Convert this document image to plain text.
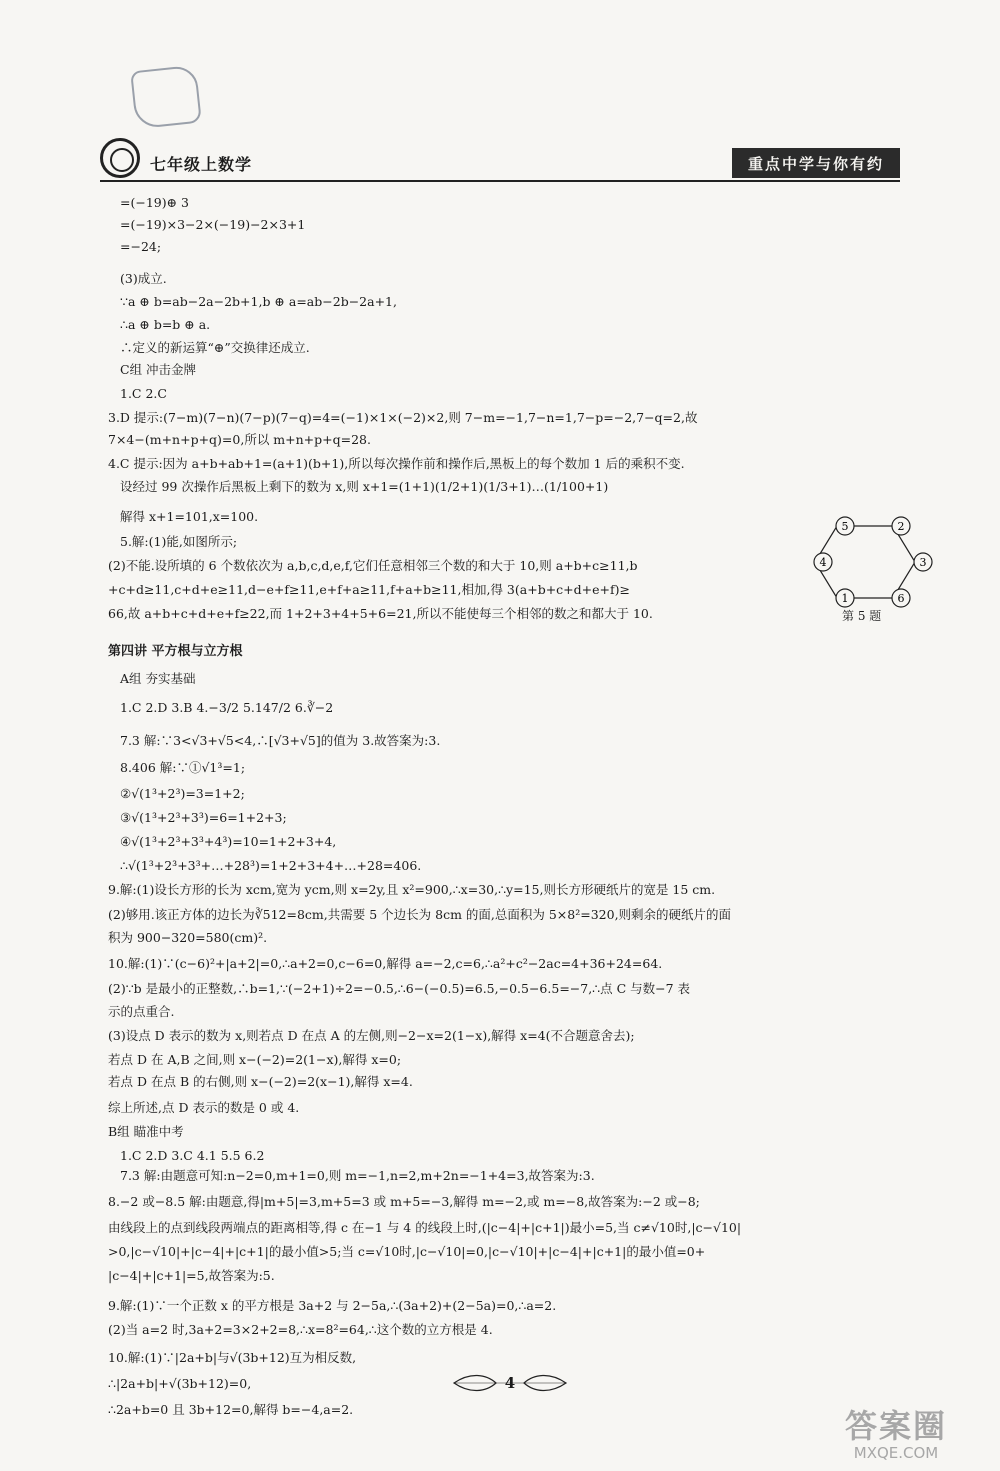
七年级上数学	重点中学与你有约
=(−19)⊕ 3
=(−19)×3−2×(−19)−2×3+1
=−24;
(3)成立.
∵a ⊕ b=ab−2a−2b+1,b ⊕ a=ab−2b−2a+1,
∴a ⊕ b=b ⊕ a.
∴定义的新运算“⊕”交换律还成立.
C组 冲击金牌
1.C 2.C
3.D 提示:(7−m)(7−n)(7−p)(7−q)=4=(−1)×1×(−2)×2,则 7−m=−1,7−n=1,7−p=−2,7−q=2,故
7×4−(m+n+p+q)=0,所以 m+n+p+q=28.
4.C 提示:因为 a+b+ab+1=(a+1)(b+1),所以每次操作前和操作后,黑板上的每个数加 1 后的乘积不变.
设经过 99 次操作后黑板上剩下的数为 x,则 x+1=(1+1)(1/2+1)(1/3+1)…(1/100+1)
解得 x+1=101,x=100.
5.解:(1)能,如图所示;
(2)不能.设所填的 6 个数依次为 a,b,c,d,e,f,它们任意相邻三个数的和大于 10,则 a+b+c≥11,b
+c+d≥11,c+d+e≥11,d−e+f≥11,e+f+a≥11,f+a+b≥11,相加,得 3(a+b+c+d+e+f)≥
66,故 a+b+c+d+e+f≥22,而 1+2+3+4+5+6=21,所以不能使每三个相邻的数之和都大于 10.
第四讲 平方根与立方根
A组 夯实基础
1.C 2.D 3.B 4.−3/2 5.147/2 6.∛−2
7.3 解:∵3<√3+√5<4,∴[√3+√5]的值为 3.故答案为:3.
8.406 解:∵①√1³=1;
②√(1³+2³)=3=1+2;
③√(1³+2³+3³)=6=1+2+3;
④√(1³+2³+3³+4³)=10=1+2+3+4,
∴√(1³+2³+3³+…+28³)=1+2+3+4+…+28=406.
9.解:(1)设长方形的长为 xcm,宽为 ycm,则 x=2y,且 x²=900,∴x=30,∴y=15,则长方形硬纸片的宽是 15 cm.
(2)够用.该正方体的边长为∛512=8cm,共需要 5 个边长为 8cm 的面,总面积为 5×8²=320,则剩余的硬纸片的面
积为 900−320=580(cm)².
10.解:(1)∵(c−6)²+|a+2|=0,∴a+2=0,c−6=0,解得 a=−2,c=6,∴a²+c²−2ac=4+36+24=64.
(2)∵b 是最小的正整数,∴b=1,∵(−2+1)÷2=−0.5,∴6−(−0.5)=6.5,−0.5−6.5=−7,∴点 C 与数−7 表
示的点重合.
(3)设点 D 表示的数为 x,则若点 D 在点 A 的左侧,则−2−x=2(1−x),解得 x=4(不合题意舍去);
若点 D 在 A,B 之间,则 x−(−2)=2(1−x),解得 x=0;
若点 D 在点 B 的右侧,则 x−(−2)=2(x−1),解得 x=4.
综上所述,点 D 表示的数是 0 或 4.
B组 瞄准中考
1.C 2.D 3.C 4.1 5.5 6.2
7.3 解:由题意可知:n−2=0,m+1=0,则 m=−1,n=2,m+2n=−1+4=3,故答案为:3.
8.−2 或−8.5 解:由题意,得|m+5|=3,m+5=3 或 m+5=−3,解得 m=−2,或 m=−8,故答案为:−2 或−8;
由线段上的点到线段两端点的距离相等,得 c 在−1 与 4 的线段上时,(|c−4|+|c+1|)最小=5,当 c≠√10时,|c−√10|
>0,|c−√10|+|c−4|+|c+1|的最小值>5;当 c=√10时,|c−√10|=0,|c−√10|+|c−4|+|c+1|的最小值=0+
|c−4|+|c+1|=5,故答案为:5.
9.解:(1)∵一个正数 x 的平方根是 3a+2 与 2−5a,∴(3a+2)+(2−5a)=0,∴a=2.
(2)当 a=2 时,3a+2=3×2+2=8,∴x=8²=64,∴这个数的立方根是 4.
10.解:(1)∵|2a+b|与√(3b+12)互为相反数,
∴|2a+b|+√(3b+12)=0,
∴2a+b=0 且 3b+12=0,解得 b=−4,a=2.
5	2
3
6
1
4
第 5 题
4
答案圈
MXQE.COM
